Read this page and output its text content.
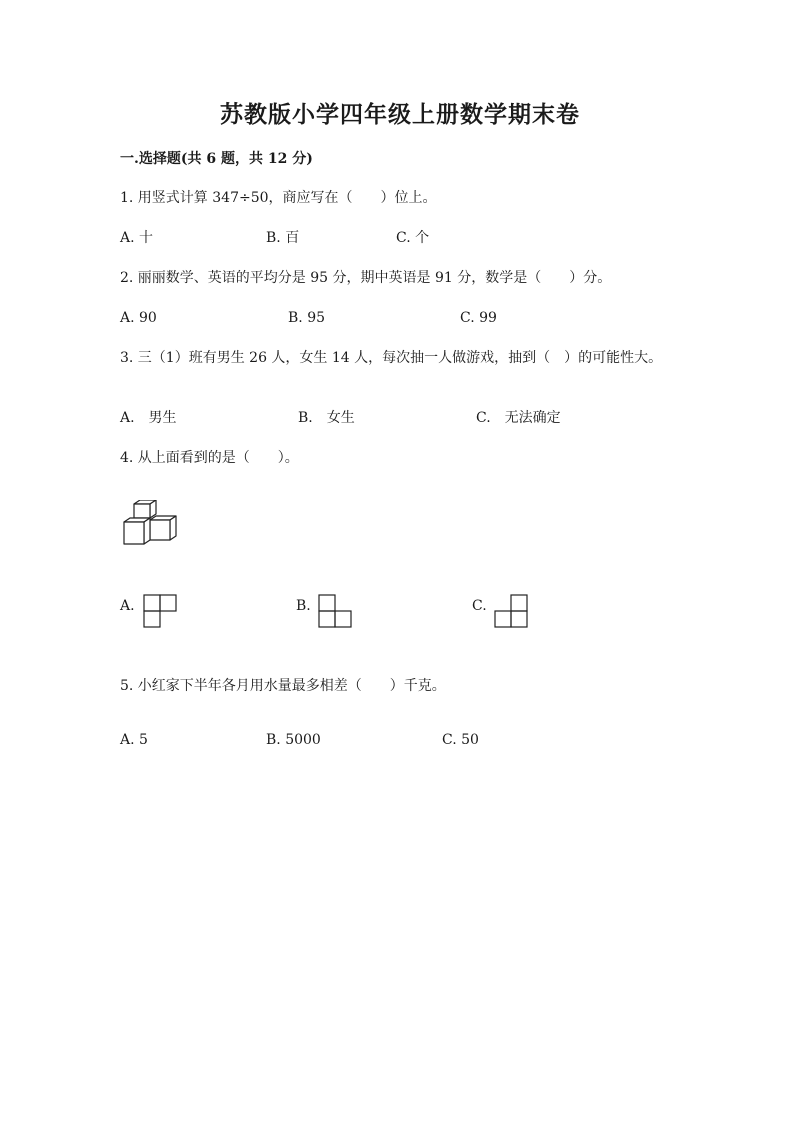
苏教版小学四年级上册数学期末卷
一.选择题(共 6 题，共 12 分)
1. 用竖式计算 347÷50，商应写在（　　）位上。
A. 十	B. 百	C. 个
2. 丽丽数学、英语的平均分是 95 分，期中英语是 91 分，数学是（　　）分。
A. 90	B. 95	C. 99
3. 三（1）班有男生 26 人，女生 14 人，每次抽一人做游戏，抽到（　）的可能性大。
A.　男生	B.　女生	C.　无法确定
4. 从上面看到的是（　　）。
A.	B.	C.
5. 小红家下半年各月用水量最多相差（　　）千克。
A. 5	B. 5000	C. 50
